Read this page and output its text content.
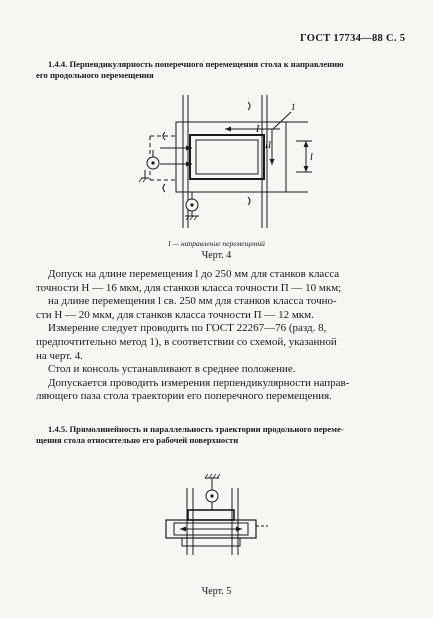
ГОСТ 17734—88 С. 5
1.4.4. Перпендикулярность поперечного перемещения стола к направлению
его продольного перемещения
1
I
II
l
I — направление перемещений
Черт. 4

Допуск на длине перемещения l до 250 мм для станков класса

точности Н — 16 мкм, для станков класса точности П — 10 мкм;

на длине перемещения l св. 250 мм для станков класса точно-

сти Н — 20 мкм, для станков класса точности П — 12 мкм.

Измерение следует проводить по ГОСТ 22267—76 (разд. 8,

предпочтительно метод 1), в соответствии со схемой, указанной

на черт. 4.

Стол и консоль устанавливают в среднее положение.

Допускается проводить измерения перпендикулярности направ-

ляющего паза стола траектории его поперечного перемещения.

1.4.5. Прямолинейность и параллельность траектории продольного переме-
щения стола относительно его рабочей поверхности
Черт. 5
